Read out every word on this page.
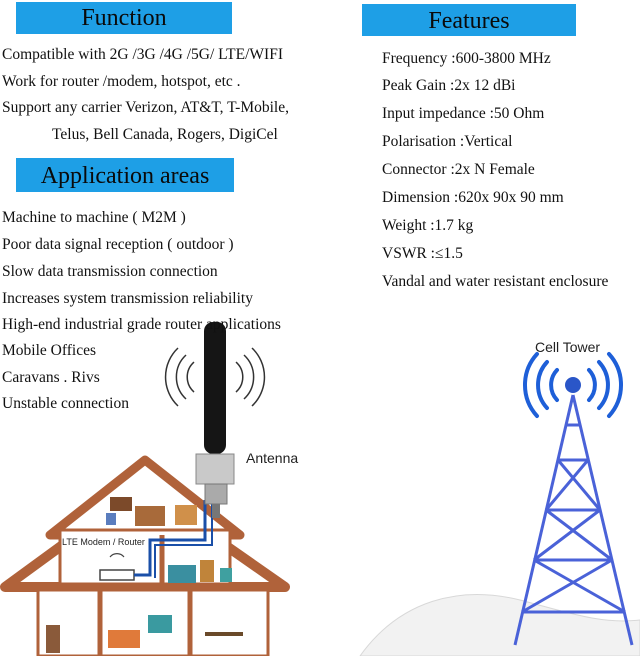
Function	Features
Application areas
Compatible with 2G /3G /4G /5G/ LTE/WIFI
Work for router /modem, hotspot, etc .
Support any carrier Verizon, AT&T, T-Mobile,
Telus, Bell Canada, Rogers, DigiCel
Frequency :600-3800 MHz
Peak Gain :2x 12 dBi
Input impedance :50 Ohm
Polarisation :Vertical
Connector :2x N Female
Dimension :620x 90x 90 mm
Weight :1.7 kg
VSWR :≤1.5
Vandal and water resistant enclosure
Machine to machine ( M2M )
Poor data signal reception ( outdoor )
Slow data transmission connection
Increases system transmission reliability
High-end industrial grade router applications
Mobile Offices
Caravans . Rivs
Unstable connection
Antenna
Cell Tower
LTE Modem / Router
